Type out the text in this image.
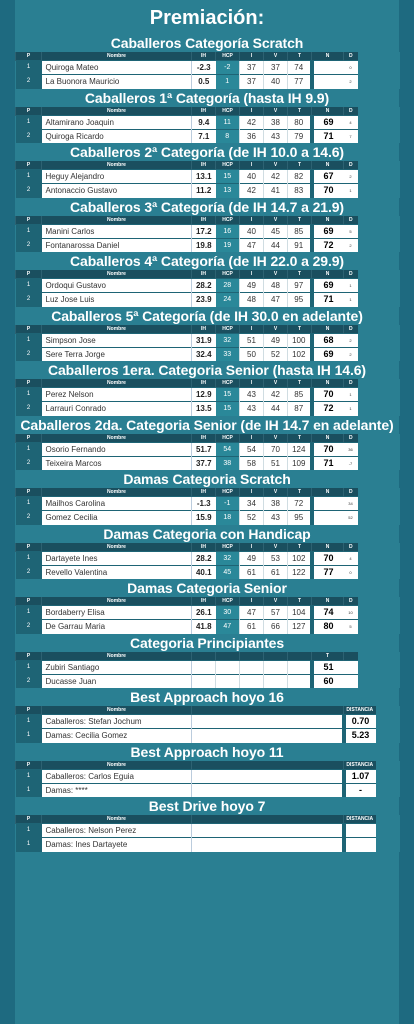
Premiación:
Caballeros Categoría Scratch
P	Nombre	IH	HCP	I	V	T	N	D	
1	Quiroga Mateo	-2.3	-2	37	37	74		0	
2	La Buonora Mauricio	0.5	1	37	40	77		2	
Caballeros 1ª Categoría (hasta IH 9.9)
P	Nombre	IH	HCP	I	V	T	N	D	
1	Altamirano Joaquin	9.4	11	42	38	80	69	4	
2	Quiroga Ricardo	7.1	8	36	43	79	71	7	
Caballeros 2ª Categoría (de IH 10.0 a 14.6)
P	Nombre	IH	HCP	I	V	T	N	D	
1	Heguy Alejandro	13.1	15	40	42	82	67	2	
2	Antonaccio Gustavo	11.2	13	42	41	83	70	1	
Caballeros 3ª Categoría (de IH 14.7 a 21.9)
P	Nombre	IH	HCP	I	V	T	N	D	
1	Manini Carlos	17.2	16	40	45	85	69	5	
2	Fontanarossa Daniel	19.8	19	47	44	91	72	2	
Caballeros 4ª Categoría (de IH 22.0 a 29.9)
P	Nombre	IH	HCP	I	V	T	N	D	
1	Ordoqui Gustavo	28.2	28	49	48	97	69	1	
2	Luz Jose Luis	23.9	24	48	47	95	71	1	
Caballeros 5ª Categoría (de IH 30.0 en adelante)
P	Nombre	IH	HCP	I	V	T	N	D	
1	Simpson Jose	31.9	32	51	49	100	68	2	
2	Sere Terra Jorge	32.4	33	50	52	102	69	2	
Caballeros 1era. Categoria Senior (hasta IH 14.6)
P	Nombre	IH	HCP	I	V	T	N	D	
1	Perez Nelson	12.9	15	43	42	85	70	1	
2	Larrauri Conrado	13.5	15	43	44	87	72	1	
Caballeros 2da. Categoria Senior (de IH 14.7 en adelante)
P	Nombre	IH	HCP	I	V	T	N	D	
1	Osorio Fernando	51.7	54	54	70	124	70	36	
2	Teixeira Marcos	37.7	38	58	51	109	71	-7	
Damas Categoria Scratch
P	Nombre	IH	HCP	I	V	T	N	D	
1	Mailhos Carolina	-1.3	-1	34	38	72		34	
2	Gomez Cecilia	15.9	18	52	43	95		52	
Damas Categoria con Handicap
P	Nombre	IH	HCP	I	V	T	N	D	
1	Dartayete Ines	28.2	32	49	53	102	70	4	
2	Revello Valentina	40.1	45	61	61	122	77	0	
Damas Categoria Senior
P	Nombre	IH	HCP	I	V	T	N	D	
1	Bordaberry Elisa	26.1	30	47	57	104	74	10	
2	De Garrau Maria	41.8	47	61	66	127	80	5	
Categoria Principiantes
P	Nombre						T		
1	Zubiri Santiago						51		
2	Ducasse Juan						60		
Best Approach hoyo 16
P	Nombre		DISTANCIA	
1	Caballeros: Stefan Jochum		0.70	
1	Damas: Cecilia Gomez		5.23	
Best Approach hoyo 11
P	Nombre		DISTANCIA	
1	Caballeros: Carlos Eguia		1.07	
1	Damas: ****		-	
Best Drive hoyo 7
P	Nombre		DISTANCIA	
1	Caballeros: Nelson Perez			
1	Damas: Ines Dartayete			
